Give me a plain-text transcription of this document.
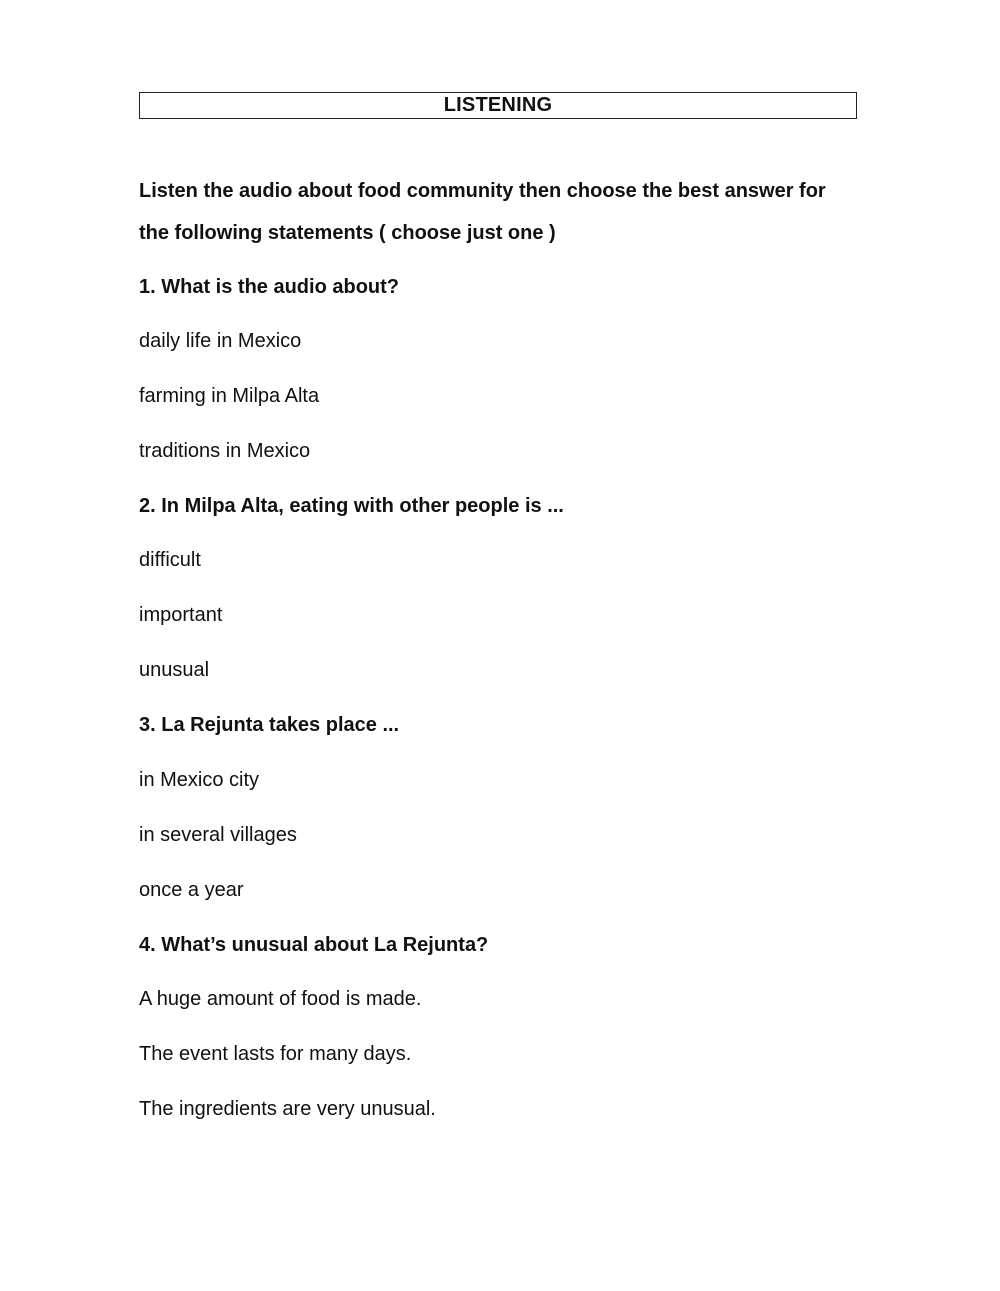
LISTENING

Listen the audio about food community then choose the best answer for the following statements ( choose just one )

1. What is the audio about?
daily life in Mexico
farming in Milpa Alta
traditions in Mexico
2. In Milpa Alta, eating with other people is ...
difficult
important
unusual
3. La Rejunta takes place ...
in Mexico city
in several villages
once a year
4. What’s unusual about La Rejunta?
A huge amount of food is made.
The event lasts for many days.
The ingredients are very unusual.
